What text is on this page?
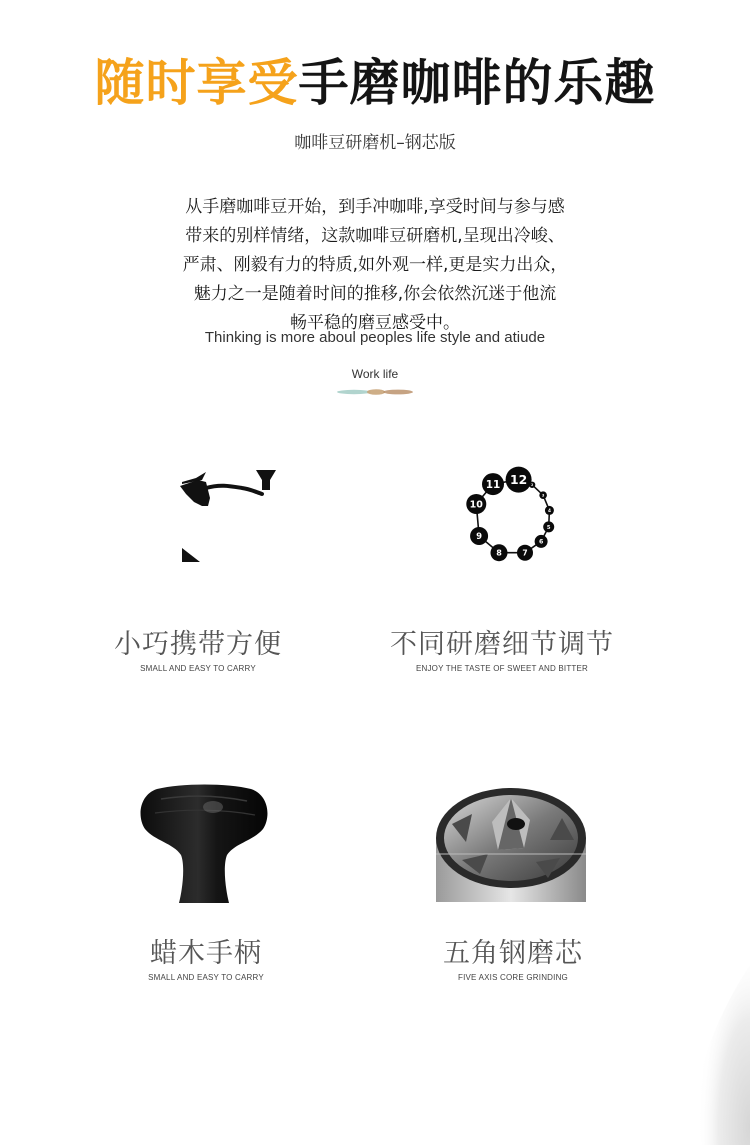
随时享受手磨咖啡的乐趣
咖啡豆研磨机–钢芯版
从手磨咖啡豆开始，到手冲咖啡,享受时间与参与感
带来的别样情绪，这款咖啡豆研磨机,呈现出冷峻、
严肃、刚毅有力的特质,如外观一样,更是实力出众，
魅力之一是随着时间的推移,你会依然沉迷于他流
畅平稳的磨豆感受中。
Thinking is more aboul peoples life style and atiude
Work life
12
11
10
9
8	7
6
5
4
3
2
小巧携带方便
SMALL AND EASY TO CARRY
不同研磨细节调节
ENJOY THE TASTE OF SWEET AND BITTER
蜡木手柄
SMALL AND EASY TO CARRY
五角钢磨芯
FIVE AXIS CORE GRINDING
